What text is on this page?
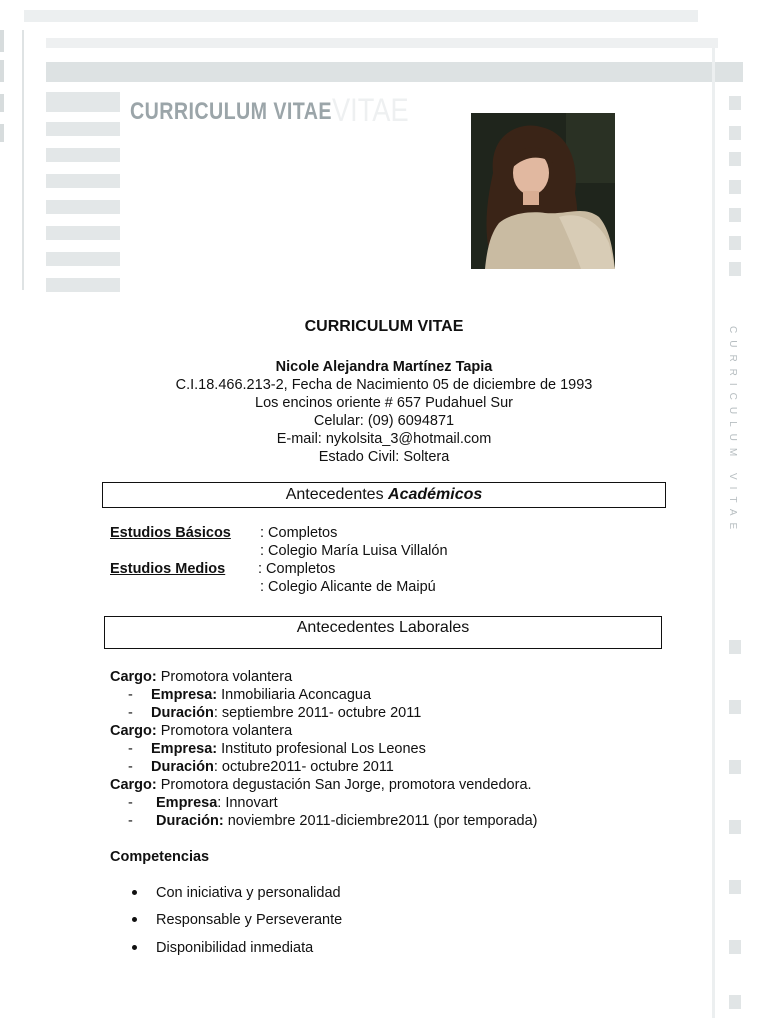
VITAE
CURRICULUM VITAE
CURRICULUM VITAE
CURRICULUM VITAE
Nicole Alejandra Martínez Tapia
C.I.18.466.213-2, Fecha de Nacimiento 05 de diciembre de 1993
Los encinos oriente # 657 Pudahuel Sur
Celular: (09) 6094871
E-mail: nykolsita_3@hotmail.com
Estado Civil: Soltera
Antecedentes Académicos
Estudios Básicos : Completos
: Colegio María Luisa Villalón
Estudios Medios : Completos
: Colegio Alicante de Maipú
Antecedentes Laborales
Cargo: Promotora volantera
- Empresa: Inmobiliaria Aconcagua
- Duración: septiembre 2011- octubre 2011
Cargo: Promotora volantera
- Empresa: Instituto profesional Los Leones
- Duración: octubre2011- octubre 2011
Cargo: Promotora degustación San Jorge, promotora vendedora.
- Empresa: Innovart
- Duración: noviembre 2011-diciembre2011 (por temporada)
Competencias
Con iniciativa y personalidad
Responsable y Perseverante
Disponibilidad inmediata
